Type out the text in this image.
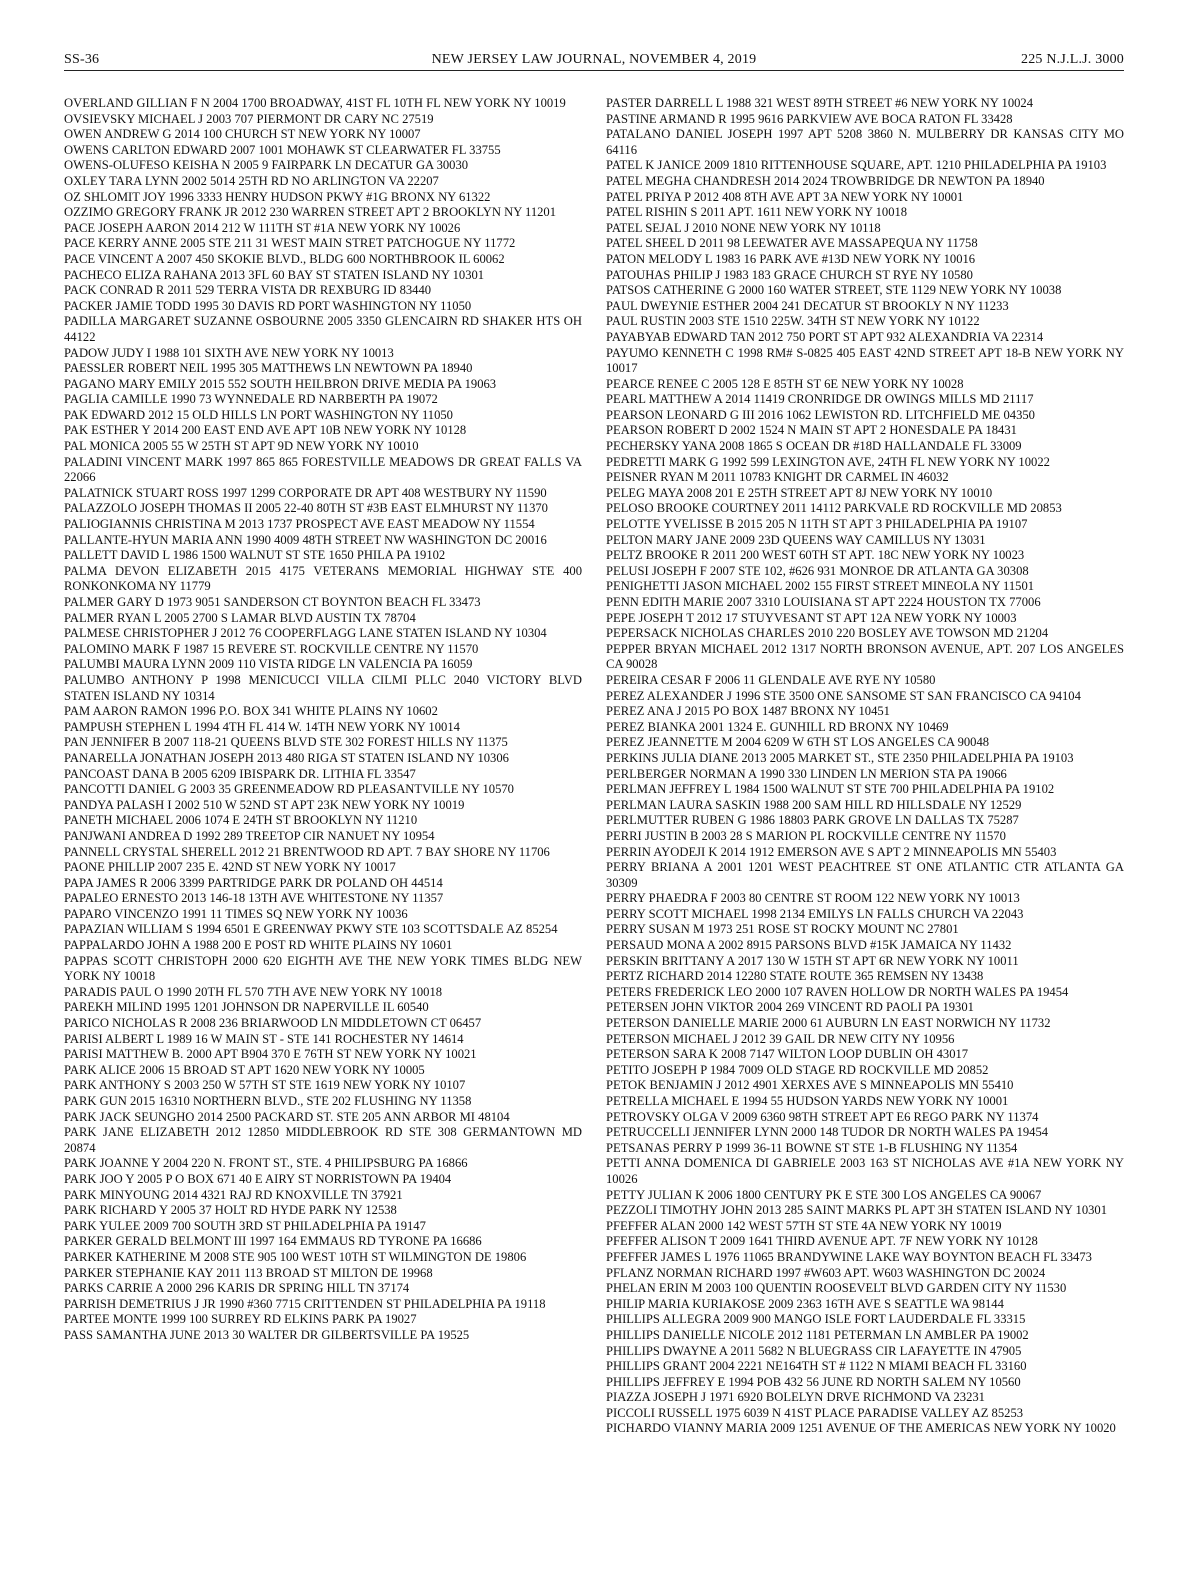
SS-36	NEW JERSEY LAW JOURNAL, NOVEMBER 4, 2019	225 N.J.L.J. 3000

OVERLAND GILLIAN F N 2004 1700 BROADWAY, 41ST FL 10TH FL NEW YORK NY 10019

OVSIEVSKY MICHAEL J 2003 707 PIERMONT DR CARY NC 27519

OWEN ANDREW G 2014 100 CHURCH ST NEW YORK NY 10007

OWENS CARLTON EDWARD 2007 1001 MOHAWK ST CLEARWATER FL 33755

OWENS-OLUFESO KEISHA N 2005 9 FAIRPARK LN DECATUR GA 30030

OXLEY TARA LYNN 2002 5014 25TH RD NO ARLINGTON VA 22207

OZ SHLOMIT JOY 1996 3333 HENRY HUDSON PKWY #1G BRONX NY 61322

OZZIMO GREGORY FRANK JR 2012 230 WARREN STREET APT 2 BROOKLYN NY 11201

PACE JOSEPH AARON 2014 212 W 111TH ST #1A NEW YORK NY 10026

PACE KERRY ANNE 2005 STE 211 31 WEST MAIN STRET PATCHOGUE NY 11772

PACE VINCENT A 2007 450 SKOKIE BLVD., BLDG 600 NORTHBROOK IL 60062

PACHECO ELIZA RAHANA 2013 3FL 60 BAY ST STATEN ISLAND NY 10301

PACK CONRAD R 2011 529 TERRA VISTA DR REXBURG ID 83440

PACKER JAMIE TODD 1995 30 DAVIS RD PORT WASHINGTON NY 11050

PADILLA MARGARET SUZANNE OSBOURNE 2005 3350 GLENCAIRN RD SHAKER HTS OH 44122

PADOW JUDY I 1988 101 SIXTH AVE NEW YORK NY 10013

PAESSLER ROBERT NEIL 1995 305 MATTHEWS LN NEWTOWN PA 18940

PAGANO MARY EMILY 2015 552 SOUTH HEILBRON DRIVE MEDIA PA 19063

PAGLIA CAMILLE 1990 73 WYNNEDALE RD NARBERTH PA 19072

PAK EDWARD 2012 15 OLD HILLS LN PORT WASHINGTON NY 11050

PAK ESTHER Y 2014 200 EAST END AVE APT 10B NEW YORK NY 10128

PAL MONICA 2005 55 W 25TH ST APT 9D NEW YORK NY 10010

PALADINI VINCENT MARK 1997 865 865 FORESTVILLE MEADOWS DR GREAT FALLS VA 22066

PALATNICK STUART ROSS 1997 1299 CORPORATE DR APT 408 WESTBURY NY 11590

PALAZZOLO JOSEPH THOMAS II 2005 22-40 80TH ST #3B EAST ELMHURST NY 11370

PALIOGIANNIS CHRISTINA M 2013 1737 PROSPECT AVE EAST MEADOW NY 11554

PALLANTE-HYUN MARIA ANN 1990 4009 48TH STREET NW WASHINGTON DC 20016

PALLETT DAVID L 1986 1500 WALNUT ST STE 1650 PHILA PA 19102

PALMA DEVON ELIZABETH 2015 4175 VETERANS MEMORIAL HIGHWAY STE 400 RONKONKOMA NY 11779

PALMER GARY D 1973 9051 SANDERSON CT BOYNTON BEACH FL 33473

PALMER RYAN L 2005 2700 S LAMAR BLVD AUSTIN TX 78704

PALMESE CHRISTOPHER J 2012 76 COOPERFLAGG LANE STATEN ISLAND NY 10304

PALOMINO MARK F 1987 15 REVERE ST. ROCKVILLE CENTRE NY 11570

PALUMBI MAURA LYNN 2009 110 VISTA RIDGE LN VALENCIA PA 16059

PALUMBO ANTHONY P 1998 MENICUCCI VILLA CILMI PLLC 2040 VICTORY BLVD STATEN ISLAND NY 10314

PAM AARON RAMON 1996 P.O. BOX 341 WHITE PLAINS NY 10602

PAMPUSH STEPHEN L 1994 4TH FL 414 W. 14TH NEW YORK NY 10014

PAN JENNIFER B 2007 118-21 QUEENS BLVD STE 302 FOREST HILLS NY 11375

PANARELLA JONATHAN JOSEPH 2013 480 RIGA ST STATEN ISLAND NY 10306

PANCOAST DANA B 2005 6209 IBISPARK DR. LITHIA FL 33547

PANCOTTI DANIEL G 2003 35 GREENMEADOW RD PLEASANTVILLE NY 10570

PANDYA PALASH I 2002 510 W 52ND ST APT 23K NEW YORK NY 10019

PANETH MICHAEL 2006 1074 E 24TH ST BROOKLYN NY 11210

PANJWANI ANDREA D 1992 289 TREETOP CIR NANUET NY 10954

PANNELL CRYSTAL SHERELL 2012 21 BRENTWOOD RD APT. 7 BAY SHORE NY 11706

PAONE PHILLIP 2007 235 E. 42ND ST NEW YORK NY 10017

PAPA JAMES R 2006 3399 PARTRIDGE PARK DR POLAND OH 44514

PAPALEO ERNESTO 2013 146-18 13TH AVE WHITESTONE NY 11357

PAPARO VINCENZO 1991 11 TIMES SQ NEW YORK NY 10036

PAPAZIAN WILLIAM S 1994 6501 E GREENWAY PKWY STE 103 SCOTTSDALE AZ 85254

PAPPALARDO JOHN A 1988 200 E POST RD WHITE PLAINS NY 10601

PAPPAS SCOTT CHRISTOPH 2000 620 EIGHTH AVE THE NEW YORK TIMES BLDG NEW YORK NY 10018

PARADIS PAUL O 1990 20TH FL 570 7TH AVE NEW YORK NY 10018

PAREKH MILIND 1995 1201 JOHNSON DR NAPERVILLE IL 60540

PARICO NICHOLAS R 2008 236 BRIARWOOD LN MIDDLETOWN CT 06457

PARISI ALBERT L 1989 16 W MAIN ST - STE 141 ROCHESTER NY 14614

PARISI MATTHEW B. 2000 APT B904 370 E 76TH ST NEW YORK NY 10021

PARK ALICE 2006 15 BROAD ST APT 1620 NEW YORK NY 10005

PARK ANTHONY S 2003 250 W 57TH ST STE 1619 NEW YORK NY 10107

PARK GUN 2015 16310 NORTHERN BLVD., STE 202 FLUSHING NY 11358

PARK JACK SEUNGHO 2014 2500 PACKARD ST. STE 205 ANN ARBOR MI 48104

PARK JANE ELIZABETH 2012 12850 MIDDLEBROOK RD STE 308 GERMANTOWN MD 20874

PARK JOANNE Y 2004 220 N. FRONT ST., STE. 4 PHILIPSBURG PA 16866

PARK JOO Y 2005 P O BOX 671 40 E AIRY ST NORRISTOWN PA 19404

PARK MINYOUNG 2014 4321 RAJ RD KNOXVILLE TN 37921

PARK RICHARD Y 2005 37 HOLT RD HYDE PARK NY 12538

PARK YULEE 2009 700 SOUTH 3RD ST PHILADELPHIA PA 19147

PARKER GERALD BELMONT III 1997 164 EMMAUS RD TYRONE PA 16686

PARKER KATHERINE M 2008 STE 905 100 WEST 10TH ST WILMINGTON DE 19806

PARKER STEPHANIE KAY 2011 113 BROAD ST MILTON DE 19968

PARKS CARRIE A 2000 296 KARIS DR SPRING HILL TN 37174

PARRISH DEMETRIUS J JR 1990 #360 7715 CRITTENDEN ST PHILADELPHIA PA 19118

PARTEE MONTE 1999 100 SURREY RD ELKINS PARK PA 19027

PASS SAMANTHA JUNE 2013 30 WALTER DR GILBERTSVILLE PA 19525

PASTER DARRELL L 1988 321 WEST 89TH STREET #6 NEW YORK NY 10024

PASTINE ARMAND R 1995 9616 PARKVIEW AVE BOCA RATON FL 33428

PATALANO DANIEL JOSEPH 1997 APT 5208 3860 N. MULBERRY DR KANSAS CITY MO 64116

PATEL K JANICE 2009 1810 RITTENHOUSE SQUARE, APT. 1210 PHILADELPHIA PA 19103

PATEL MEGHA CHANDRESH 2014 2024 TROWBRIDGE DR NEWTON PA 18940

PATEL PRIYA P 2012 408 8TH AVE APT 3A NEW YORK NY 10001

PATEL RISHIN S 2011 APT. 1611 NEW YORK NY 10018

PATEL SEJAL J 2010 NONE NEW YORK NY 10118

PATEL SHEEL D 2011 98 LEEWATER AVE MASSAPEQUA NY 11758

PATON MELODY L 1983 16 PARK AVE #13D NEW YORK NY 10016

PATOUHAS PHILIP J 1983 183 GRACE CHURCH ST RYE NY 10580

PATSOS CATHERINE G 2000 160 WATER STREET, STE 1129 NEW YORK NY 10038

PAUL DWEYNIE ESTHER 2004 241 DECATUR ST BROOKLY N NY 11233

PAUL RUSTIN 2003 STE 1510 225W. 34TH ST NEW YORK NY 10122

PAYABYAB EDWARD TAN 2012 750 PORT ST APT 932 ALEXANDRIA VA 22314

PAYUMO KENNETH C 1998 RM# S-0825 405 EAST 42ND STREET APT 18-B NEW YORK NY 10017

PEARCE RENEE C 2005 128 E 85TH ST 6E NEW YORK NY 10028

PEARL MATTHEW A 2014 11419 CRONRIDGE DR OWINGS MILLS MD 21117

PEARSON LEONARD G III 2016 1062 LEWISTON RD. LITCHFIELD ME 04350

PEARSON ROBERT D 2002 1524 N MAIN ST APT 2 HONESDALE PA 18431

PECHERSKY YANA 2008 1865 S OCEAN DR #18D HALLANDALE FL 33009

PEDRETTI MARK G 1992 599 LEXINGTON AVE, 24TH FL NEW YORK NY 10022

PEISNER RYAN M 2011 10783 KNIGHT DR CARMEL IN 46032

PELEG MAYA 2008 201 E 25TH STREET APT 8J NEW YORK NY 10010

PELOSO BROOKE COURTNEY 2011 14112 PARKVALE RD ROCKVILLE MD 20853

PELOTTE YVELISSE B 2015 205 N 11TH ST APT 3 PHILADELPHIA PA 19107

PELTON MARY JANE 2009 23D QUEENS WAY CAMILLUS NY 13031

PELTZ BROOKE R 2011 200 WEST 60TH ST APT. 18C NEW YORK NY 10023

PELUSI JOSEPH F 2007 STE 102, #626 931 MONROE DR ATLANTA GA 30308

PENIGHETTI JASON MICHAEL 2002 155 FIRST STREET MINEOLA NY 11501

PENN EDITH MARIE 2007 3310 LOUISIANA ST APT 2224 HOUSTON TX 77006

PEPE JOSEPH T 2012 17 STUYVESANT ST APT 12A NEW YORK NY 10003

PEPERSACK NICHOLAS CHARLES 2010 220 BOSLEY AVE TOWSON MD 21204

PEPPER BRYAN MICHAEL 2012 1317 NORTH BRONSON AVENUE, APT. 207 LOS ANGELES CA 90028

PEREIRA CESAR F 2006 11 GLENDALE AVE RYE NY 10580

PEREZ ALEXANDER J 1996 STE 3500 ONE SANSOME ST SAN FRANCISCO CA 94104

PEREZ ANA J 2015 PO BOX 1487 BRONX NY 10451

PEREZ BIANKA 2001 1324 E. GUNHILL RD BRONX NY 10469

PEREZ JEANNETTE M 2004 6209 W 6TH ST LOS ANGELES CA 90048

PERKINS JULIA DIANE 2013 2005 MARKET ST., STE 2350 PHILADELPHIA PA 19103

PERLBERGER NORMAN A 1990 330 LINDEN LN MERION STA PA 19066

PERLMAN JEFFREY L 1984 1500 WALNUT ST STE 700 PHILADELPHIA PA 19102

PERLMAN LAURA SASKIN 1988 200 SAM HILL RD HILLSDALE NY 12529

PERLMUTTER RUBEN G 1986 18803 PARK GROVE LN DALLAS TX 75287

PERRI JUSTIN B 2003 28 S MARION PL ROCKVILLE CENTRE NY 11570

PERRIN AYODEJI K 2014 1912 EMERSON AVE S APT 2 MINNEAPOLIS MN 55403

PERRY BRIANA A 2001 1201 WEST PEACHTREE ST ONE ATLANTIC CTR ATLANTA GA 30309

PERRY PHAEDRA F 2003 80 CENTRE ST ROOM 122 NEW YORK NY 10013

PERRY SCOTT MICHAEL 1998 2134 EMILYS LN FALLS CHURCH VA 22043

PERRY SUSAN M 1973 251 ROSE ST ROCKY MOUNT NC 27801

PERSAUD MONA A 2002 8915 PARSONS BLVD #15K JAMAICA NY 11432

PERSKIN BRITTANY A 2017 130 W 15TH ST APT 6R NEW YORK NY 10011

PERTZ RICHARD 2014 12280 STATE ROUTE 365 REMSEN NY 13438

PETERS FREDERICK LEO 2000 107 RAVEN HOLLOW DR NORTH WALES PA 19454

PETERSEN JOHN VIKTOR 2004 269 VINCENT RD PAOLI PA 19301

PETERSON DANIELLE MARIE 2000 61 AUBURN LN EAST NORWICH NY 11732

PETERSON MICHAEL J 2012 39 GAIL DR NEW CITY NY 10956

PETERSON SARA K 2008 7147 WILTON LOOP DUBLIN OH 43017

PETITO JOSEPH P 1984 7009 OLD STAGE RD ROCKVILLE MD 20852

PETOK BENJAMIN J 2012 4901 XERXES AVE S MINNEAPOLIS MN 55410

PETRELLA MICHAEL E 1994 55 HUDSON YARDS NEW YORK NY 10001

PETROVSKY OLGA V 2009 6360 98TH STREET APT E6 REGO PARK NY 11374

PETRUCCELLI JENNIFER LYNN 2000 148 TUDOR DR NORTH WALES PA 19454

PETSANAS PERRY P 1999 36-11 BOWNE ST STE 1-B FLUSHING NY 11354

PETTI ANNA DOMENICA DI GABRIELE 2003 163 ST NICHOLAS AVE #1A NEW YORK NY 10026

PETTY JULIAN K 2006 1800 CENTURY PK E STE 300 LOS ANGELES CA 90067

PEZZOLI TIMOTHY JOHN 2013 285 SAINT MARKS PL APT 3H STATEN ISLAND NY 10301

PFEFFER ALAN 2000 142 WEST 57TH ST STE 4A NEW YORK NY 10019

PFEFFER ALISON T 2009 1641 THIRD AVENUE APT. 7F NEW YORK NY 10128

PFEFFER JAMES L 1976 11065 BRANDYWINE LAKE WAY BOYNTON BEACH FL 33473

PFLANZ NORMAN RICHARD 1997 #W603 APT. W603 WASHINGTON DC 20024

PHELAN ERIN M 2003 100 QUENTIN ROOSEVELT BLVD GARDEN CITY NY 11530

PHILIP MARIA KURIAKOSE 2009 2363 16TH AVE S SEATTLE WA 98144

PHILLIPS ALLEGRA 2009 900 MANGO ISLE FORT LAUDERDALE FL 33315

PHILLIPS DANIELLE NICOLE 2012 1181 PETERMAN LN AMBLER PA 19002

PHILLIPS DWAYNE A 2011 5682 N BLUEGRASS CIR LAFAYETTE IN 47905

PHILLIPS GRANT 2004 2221 NE164TH ST # 1122 N MIAMI BEACH FL 33160

PHILLIPS JEFFREY E 1994 POB 432 56 JUNE RD NORTH SALEM NY 10560

PIAZZA JOSEPH J 1971 6920 BOLELYN DRVE RICHMOND VA 23231

PICCOLI RUSSELL 1975 6039 N 41ST PLACE PARADISE VALLEY AZ 85253

PICHARDO VIANNY MARIA 2009 1251 AVENUE OF THE AMERICAS NEW YORK NY 10020
